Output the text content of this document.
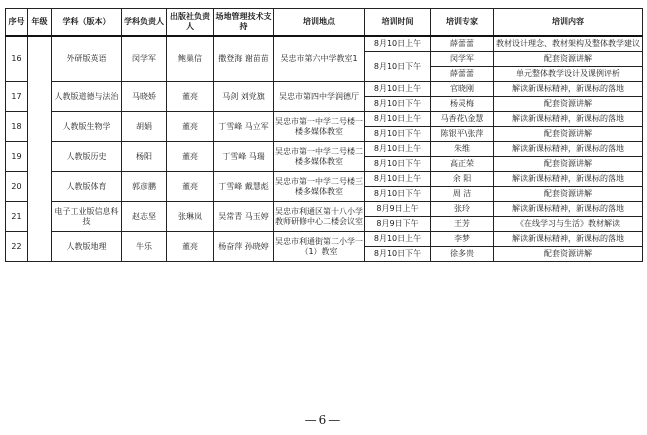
序号	年级	学科（版本）	学科负责人	出版社负责人	场地管理技术支持	培训地点	培训时间	培训专家	培训内容
16		外研版英语	闵学军	鲍巢信	撒登海 谢苗苗	吴忠市第六中学教室1	8月10日上午	薛蕾蕾	教材设计理念、教材架构及整体教学建议
							8月10日下午	闵学军	配套资源讲解
								薛蕾蕾	单元整体教学设计及课例评析
17		人教版道德与法治	马晓娇	董亮	马剑 刘党旗	吴忠市第四中学润德厅	8月10日上午	官晓刚	解读新课标精神，新课标的落地

							8月10日下午	杨灵梅	配套资源讲解

18		人教版生物学	胡娟	董亮	丁雪峰 马立军	吴忠市第一中学二号楼一楼多媒体教室	8月10日上午	马香花\金慧	解读新课标精神，新课标的落地
							8月10日下午	陈银平\张萍	配套资源讲解

19		人教版历史	杨阳	董亮	丁雪峰 马瑞	吴忠市第一中学二号楼二楼多媒体教室	8月10日上午	朱维	解读新课标精神，新课标的落地

							8月10日下午	高正荣	配套资源讲解
20		人教版体育	郭彦鹏	董亮	丁雪峰 戴慧彪	吴忠市第一中学二号楼三楼多媒体教室	8月10日上午	余 阳	解读新课标精神，新课标的落地

							8月10日下午	周 洁	配套资源讲解

21		电子工业版信息科技	赵志坚	张琳岚	吴常青 马玉婷	吴忠市利通区第十八小学教师研修中心二楼会议室	8月9日上午	张玲	解读新课标精神，新课标的落地
							8月9日下午	王芳	《在线学习与生活》教材解读

22		人教版地理	牛乐	董亮	杨奋萍 孙晓婷	吴忠市利通街第二小学一（1）教室	8月10日上午	李梦	解读新课标精神，新课标的落地
							8月10日下午	徐多贵	配套资源讲解

—6—
